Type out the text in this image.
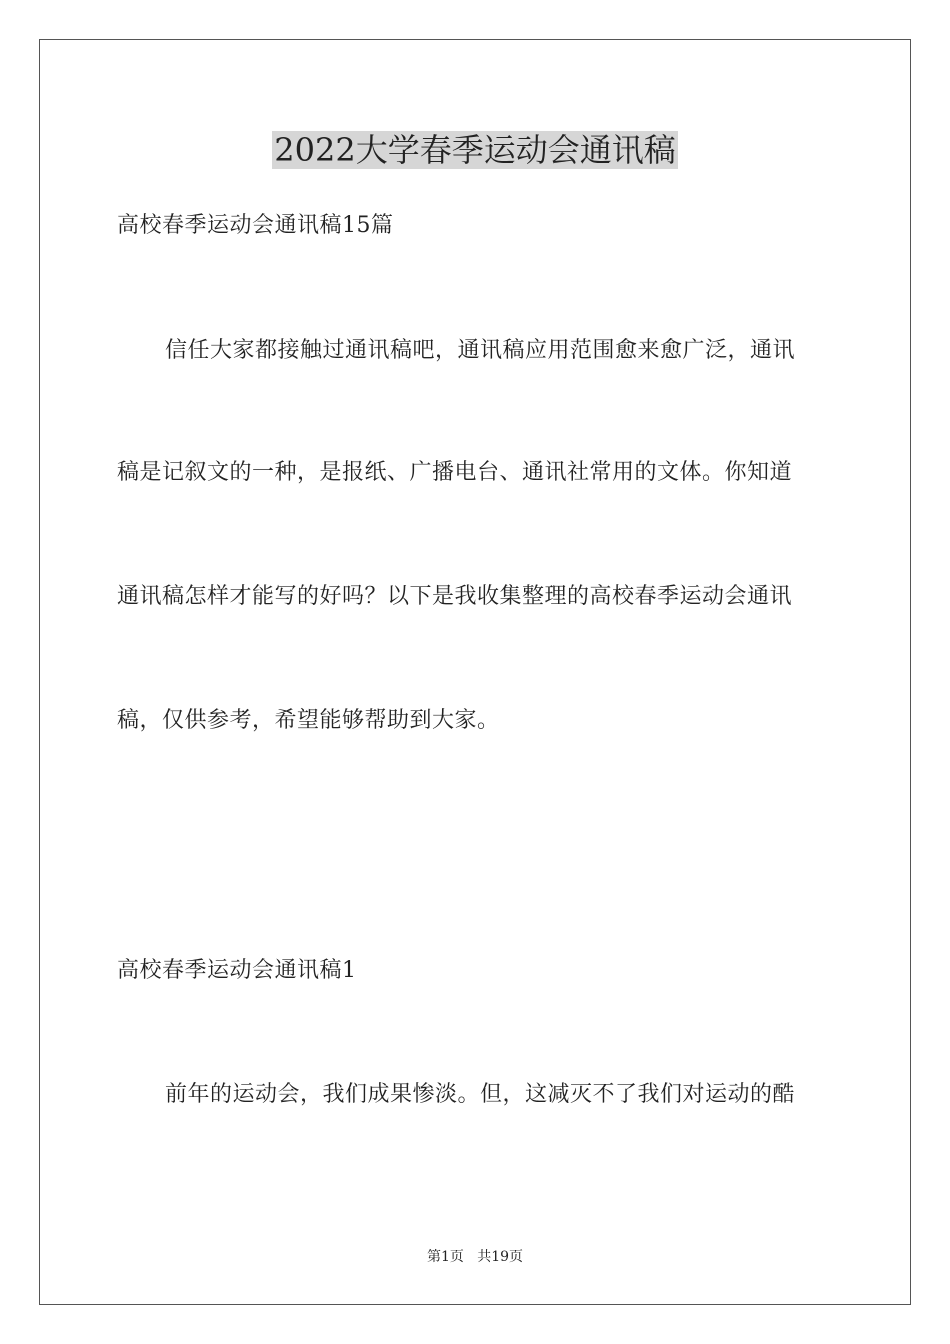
2022大学春季运动会通讯稿
高校春季运动会通讯稿15篇
信任大家都接触过通讯稿吧，通讯稿应用范围愈来愈广泛，通讯
稿是记叙文的一种，是报纸、广播电台、通讯社常用的文体。你知道
通讯稿怎样才能写的好吗？以下是我收集整理的高校春季运动会通讯
稿，仅供参考，希望能够帮助到大家。
高校春季运动会通讯稿1
前年的运动会，我们成果惨淡。但，这减灭不了我们对运动的酷
第1页   共19页
